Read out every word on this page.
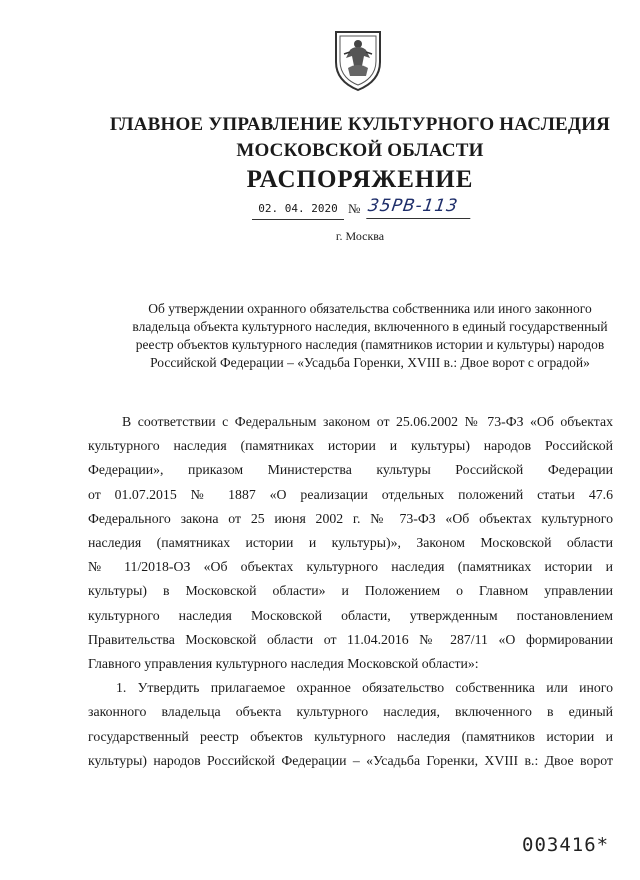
ГЛАВНОЕ УПРАВЛЕНИЕ КУЛЬТУРНОГО НАСЛЕДИЯ
МОСКОВСКОЙ ОБЛАСТИ
РАСПОРЯЖЕНИЕ
02. 04. 2020 № 35РВ-113
г. Москва
Об утверждении охранного обязательства собственника или иного законного
владельца объекта культурного наследия, включенного в единый государственный
реестр объектов культурного наследия (памятников истории и культуры) народов
Российской Федерации – «Усадьба Горенки, XVIII в.: Двое ворот с оградой»
В соответствии с Федеральным законом от 25.06.2002 № 73-ФЗ «Об объектах
культурного наследия (памятниках истории и культуры) народов Российской
Федерации», приказом Министерства культуры Российской Федерации
от 01.07.2015 № 1887 «О реализации отдельных положений статьи 47.6
Федерального закона от 25 июня 2002 г. № 73-ФЗ «Об объектах культурного
наследия (памятниках истории и культуры)», Законом Московской области
№ 11/2018-ОЗ «Об объектах культурного наследия (памятниках истории и
культуры) в Московской области» и Положением о Главном управлении
культурного наследия Московской области, утвержденным постановлением
Правительства Московской области от 11.04.2016 № 287/11 «О формировании
Главного управления культурного наследия Московской области»:
1. Утвердить прилагаемое охранное обязательство собственника или иного
законного владельца объекта культурного наследия, включенного в единый
государственный реестр объектов культурного наследия (памятников истории и
культуры) народов Российской Федерации – «Усадьба Горенки, XVIII в.: Двое ворот
003416*
